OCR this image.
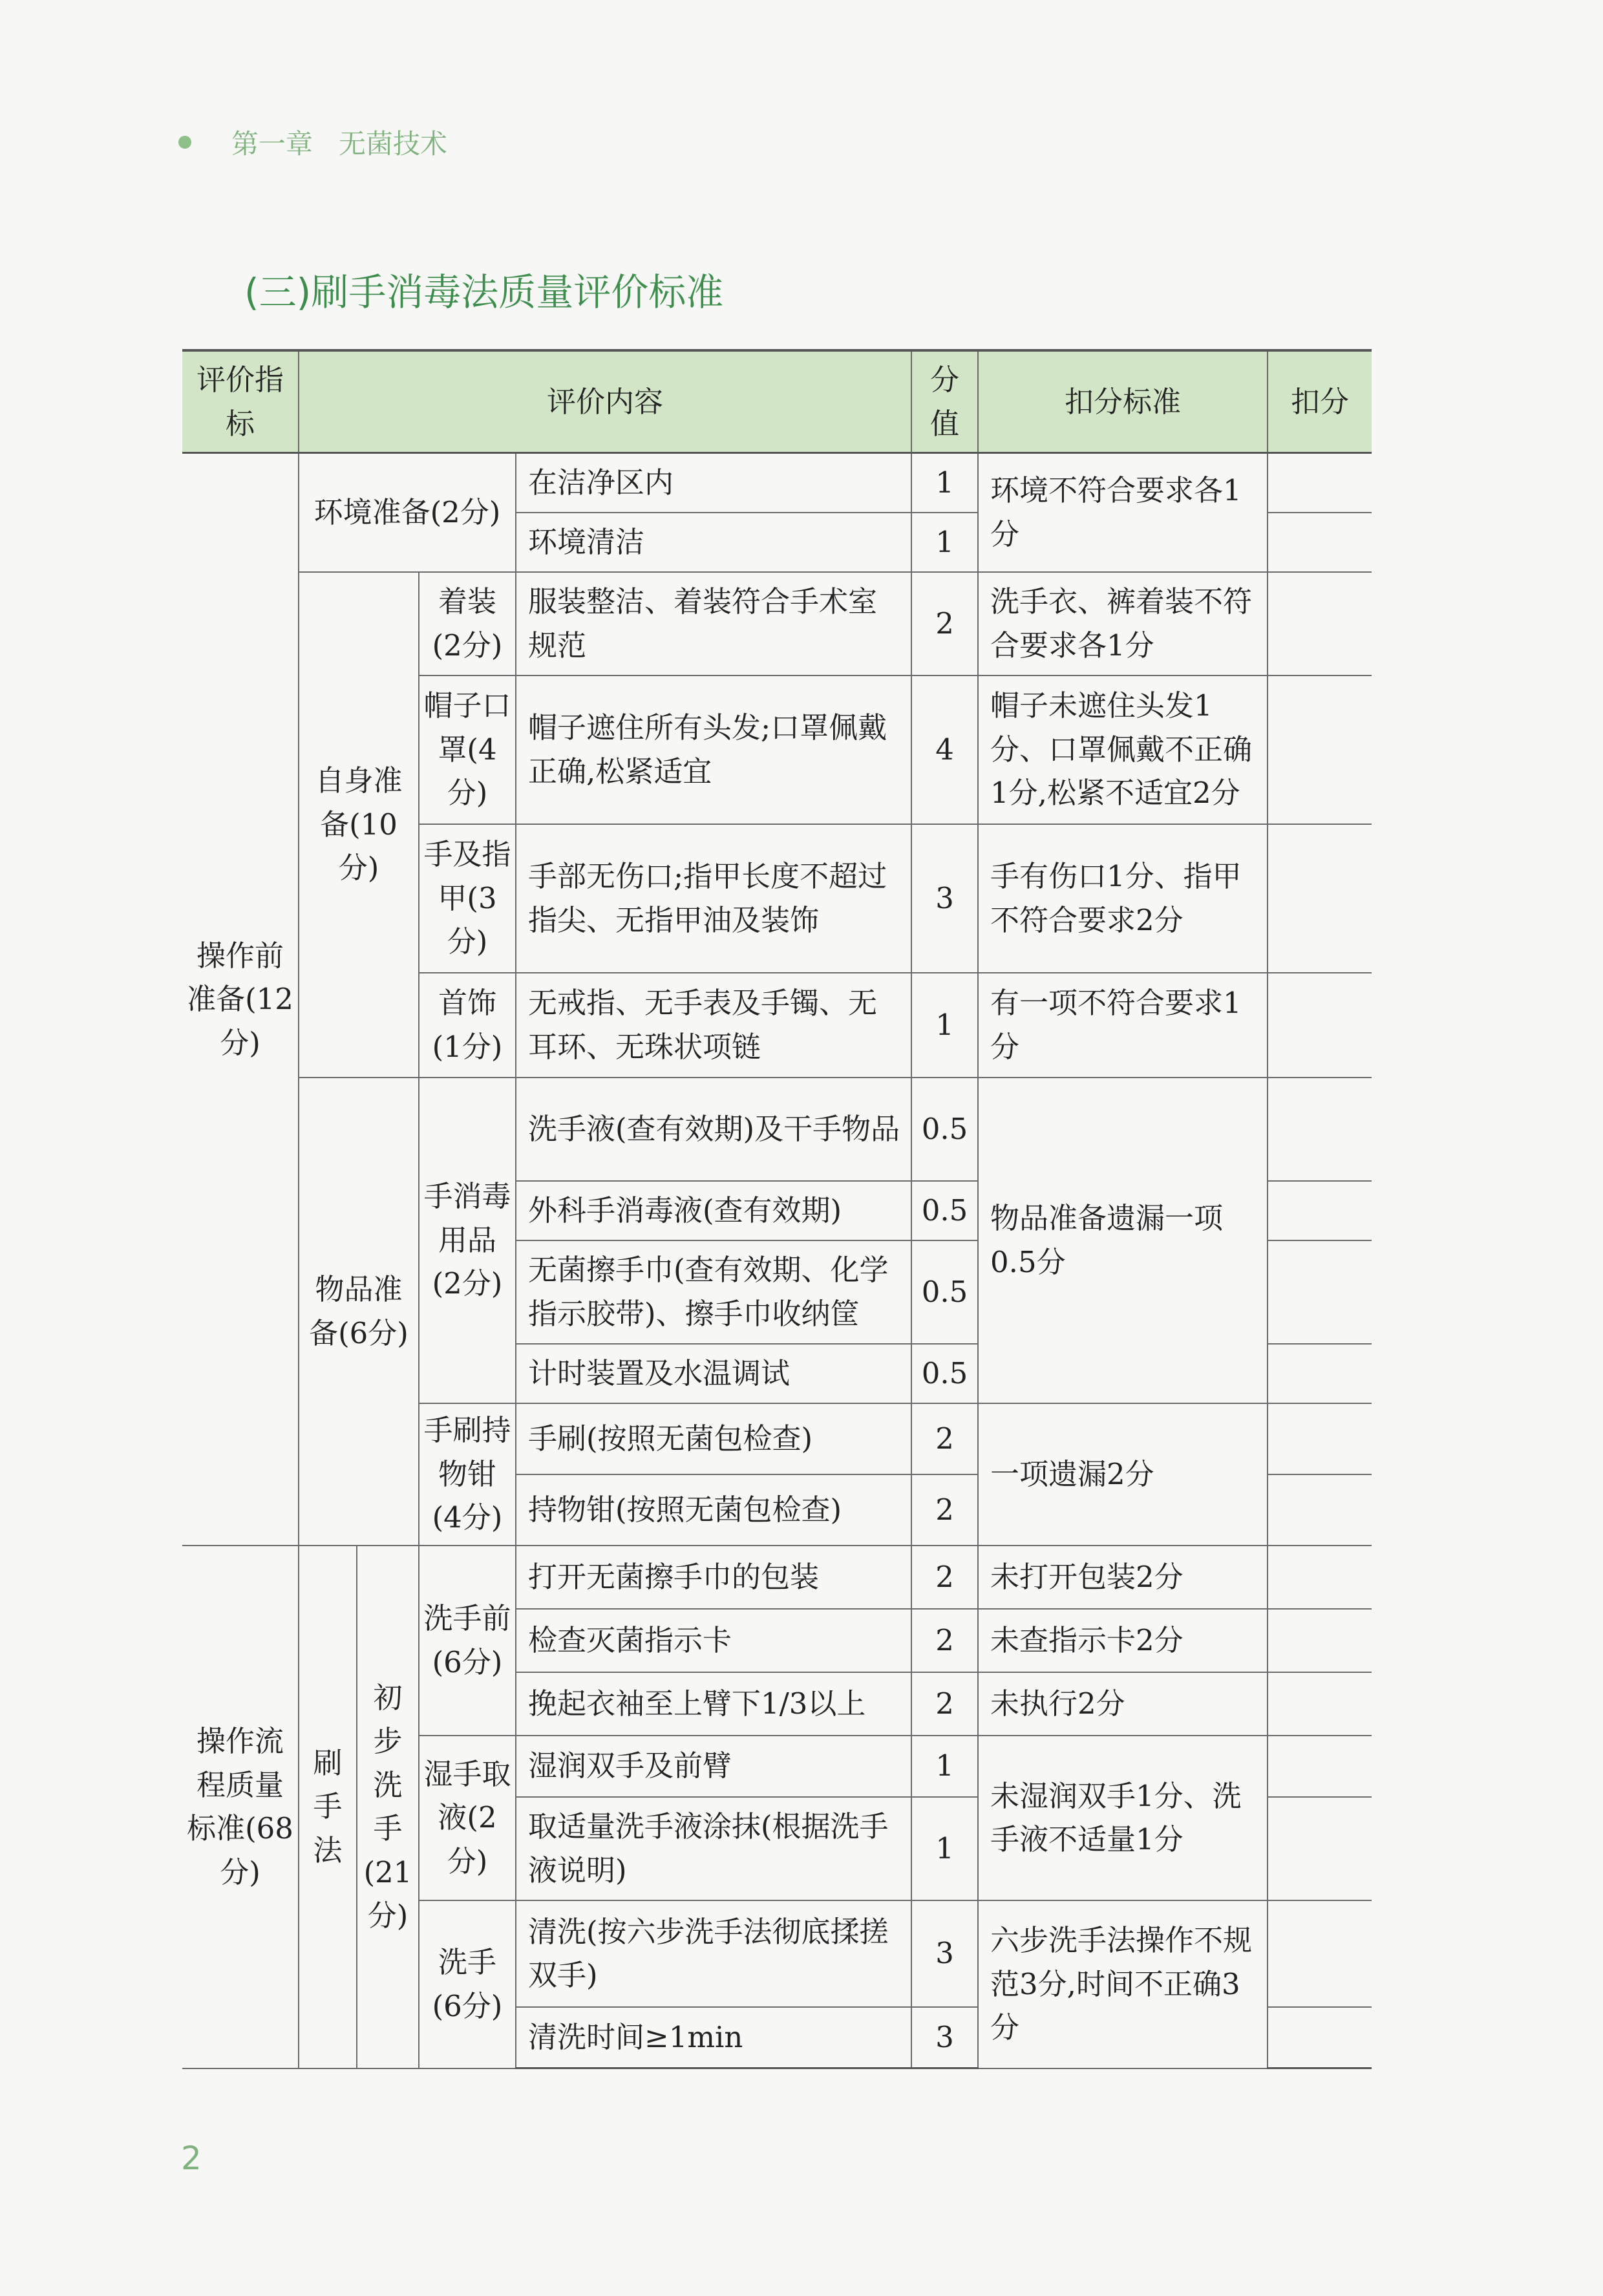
第一章 无菌技术
(三)刷手消毒法质量评价标准
评价指标	评价内容				分值	扣分标准	扣分
操作前准备(12分)	环境准备(2分)			在洁净区内	1	环境不符合要求各1分	
				环境清洁	1		
	自身准备(10分)		着装(2分)	服装整洁、着装符合手术室规范	2	洗手衣、裤着装不符合要求各1分	
			帽子口罩(4分)	帽子遮住所有头发;口罩佩戴正确,松紧适宜	4	帽子未遮住头发1分、口罩佩戴不正确1分,松紧不适宜2分	
			手及指甲(3分)	手部无伤口;指甲长度不超过指尖、无指甲油及装饰	3	手有伤口1分、指甲不符合要求2分	
			首饰(1分)	无戒指、无手表及手镯、无耳环、无珠状项链	1	有一项不符合要求1分	
	物品准备(6分)		手消毒用品(2分)	洗手液(查有效期)及干手物品	0.5	物品准备遗漏一项0.5分	
				外科手消毒液(查有效期)	0.5		
				无菌擦手巾(查有效期、化学指示胶带)、擦手巾收纳筐	0.5		
				计时装置及水温调试	0.5		
			手刷持物钳(4分)	手刷(按照无菌包检查)	2	一项遗漏2分	
				持物钳(按照无菌包检查)	2		
操作流程质量标准(68分)	刷手法	初步洗手(21分)	洗手前(6分)	打开无菌擦手巾的包装	2	未打开包装2分	
				检查灭菌指示卡	2	未查指示卡2分	
				挽起衣袖至上臂下1/3以上	2	未执行2分	
			湿手取液(2分)	湿润双手及前臂	1	未湿润双手1分、洗手液不适量1分	
				取适量洗手液涂抹(根据洗手液说明)	1		
			洗手(6分)	清洗(按六步洗手法彻底揉搓双手)	3	六步洗手法操作不规范3分,时间不正确3分	
				清洗时间≥1min	3		
2
